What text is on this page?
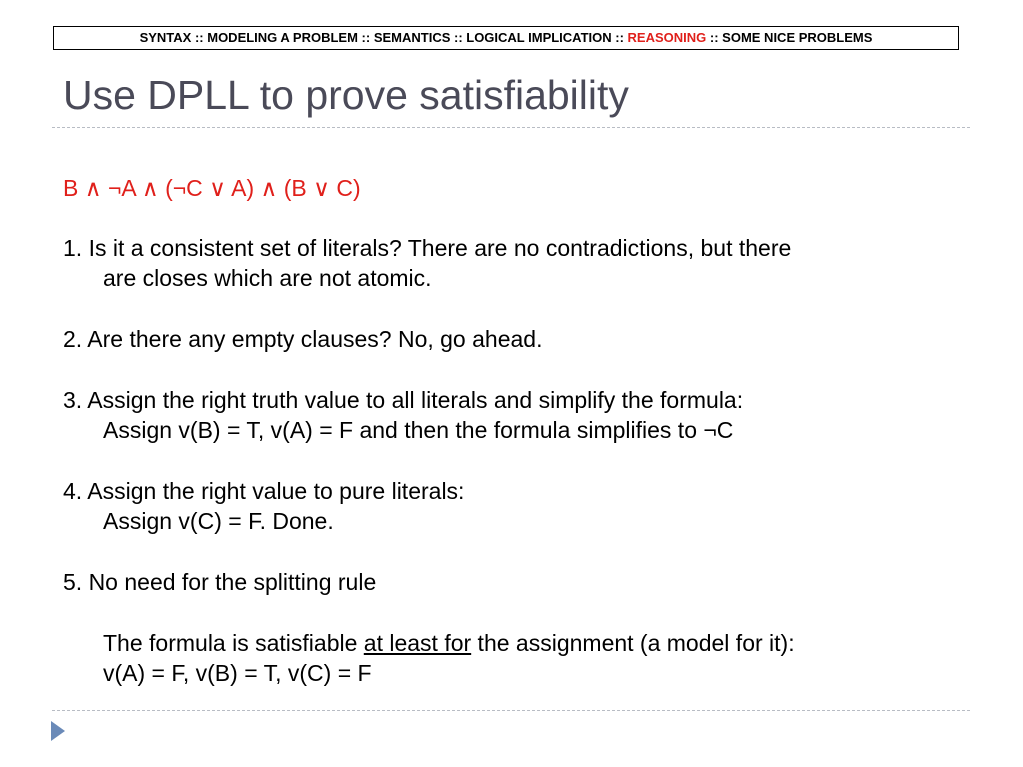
SYNTAX :: MODELING A PROBLEM :: SEMANTICS :: LOGICAL IMPLICATION :: REASONING :: SOME NICE PROBLEMS
Use DPLL to prove satisfiability
B ∧ ¬A ∧ (¬C ∨ A) ∧ (B ∨ C)
1. Is it a consistent set of literals? There are no contradictions, but there
are closes which are not atomic.
2. Are there any empty clauses? No, go ahead.
3. Assign the right truth value to all literals and simplify the formula:
Assign v(B) = T, v(A) = F and then the formula simplifies to ¬C
4. Assign the right value to pure literals:
Assign v(C) = F. Done.
5. No need for the splitting rule
The formula is satisfiable at least for the assignment (a model for it):
v(A) = F, v(B) = T, v(C) = F
